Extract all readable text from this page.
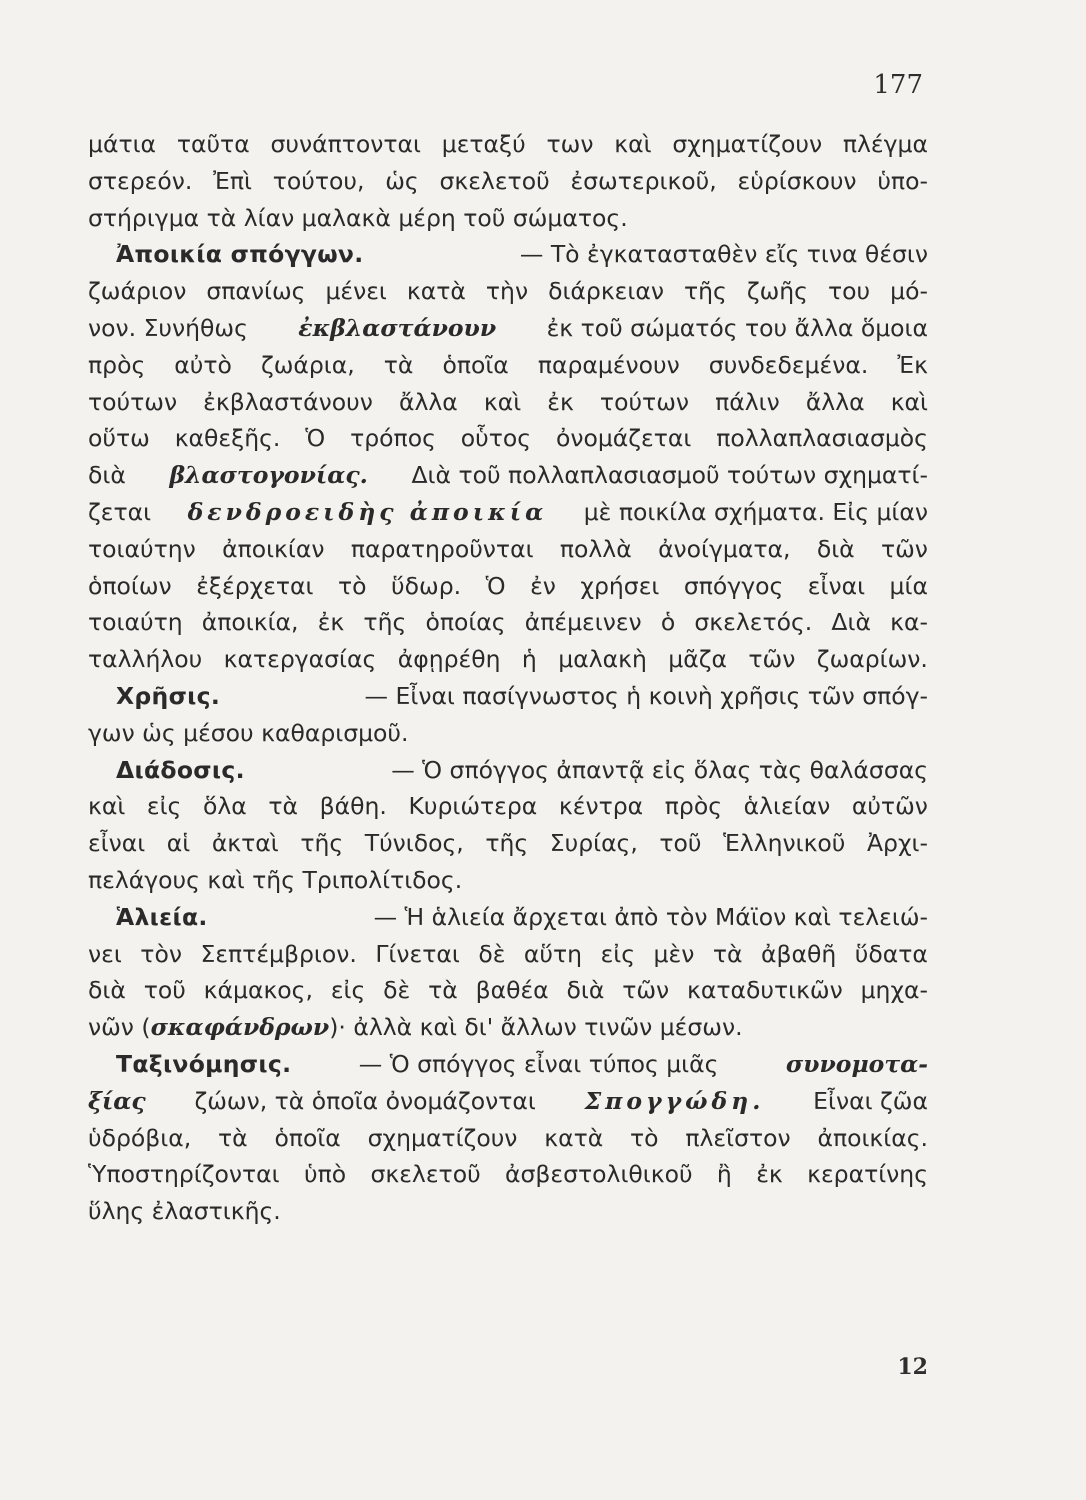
177
μάτια ταῦτα συνάπτονται μεταξύ των καὶ σχηματίζουν πλέγμα
στερεόν. Ἐπὶ τούτου, ὡς σκελετοῦ ἐσωτερικοῦ, εὑρίσκουν ὑπο-
στήριγμα τὰ λίαν μαλακὰ μέρη τοῦ σώματος.
Ἀποικία σπόγγων.	— Τὸ ἐγκατασταθὲν εἴς τινα θέσιν
ζωάριον σπανίως μένει κατὰ τὴν διάρκειαν τῆς ζωῆς του μό-
νον. Συνήθως ἐκβλαστάνουν ἐκ τοῦ σώματός του ἄλλα ὅμοια
πρὸς αὐτὸ ζωάρια, τὰ ὁποῖα παραμένουν συνδεδεμένα. Ἐκ
τούτων ἐκβλαστάνουν ἄλλα καὶ ἐκ τούτων πάλιν ἄλλα καὶ
οὕτω καθεξῆς. Ὁ τρόπος οὗτος ὀνομάζεται πολλαπλασιασμὸς
διὰ βλαστογονίας. Διὰ τοῦ πολλαπλασιασμοῦ τούτων σχηματί-
ζεται δενδροειδὴς ἀποικία μὲ ποικίλα σχήματα. Εἰς μίαν
τοιαύτην ἀποικίαν παρατηροῦνται πολλὰ ἀνοίγματα, διὰ τῶν
ὁποίων ἐξέρχεται τὸ ὕδωρ. Ὁ ἐν χρήσει σπόγγος εἶναι μία
τοιαύτη ἀποικία, ἐκ τῆς ὁποίας ἀπέμεινεν ὁ σκελετός. Διὰ κα-
ταλλήλου κατεργασίας ἀφῃρέθη ἡ μαλακὴ μᾶζα τῶν ζωαρίων.
Χρῆσις.	— Εἶναι πασίγνωστος ἡ κοινὴ χρῆσις τῶν σπόγ-
γων ὡς μέσου καθαρισμοῦ.
Διάδοσις.	— Ὁ σπόγγος ἀπαντᾷ εἰς ὅλας τὰς θαλάσσας
καὶ εἰς ὅλα τὰ βάθη. Κυριώτερα κέντρα πρὸς ἁλιείαν αὐτῶν
εἶναι αἱ ἀκταὶ τῆς Τύνιδος, τῆς Συρίας, τοῦ Ἑλληνικοῦ Ἀρχι-
πελάγους καὶ τῆς Τριπολίτιδος.
Ἁλιεία.	— Ἡ ἁλιεία ἄρχεται ἀπὸ τὸν Μάϊον καὶ τελειώ-
νει τὸν Σεπτέμβριον. Γίνεται δὲ αὕτη εἰς μὲν τὰ ἀβαθῆ ὕδατα
διὰ τοῦ κάμακος, εἰς δὲ τὰ βαθέα διὰ τῶν καταδυτικῶν μηχα-
νῶν ( σκαφάνδρων )· ἀλλὰ καὶ δι' ἄλλων τινῶν μέσων.
Ταξινόμησις.	— Ὁ σπόγγος εἶναι τύπος μιᾶς	συνομοτα-
ξίας ζώων, τὰ ὁποῖα ὀνομάζονται Σπογγώδη. Εἶναι ζῶα
ὑδρόβια, τὰ ὁποῖα σχηματίζουν κατὰ τὸ πλεῖστον ἀποικίας.
Ὑποστηρίζονται ὑπὸ σκελετοῦ ἀσβεστολιθικοῦ ἢ ἐκ κερατίνης
ὕλης ἐλαστικῆς.
12
